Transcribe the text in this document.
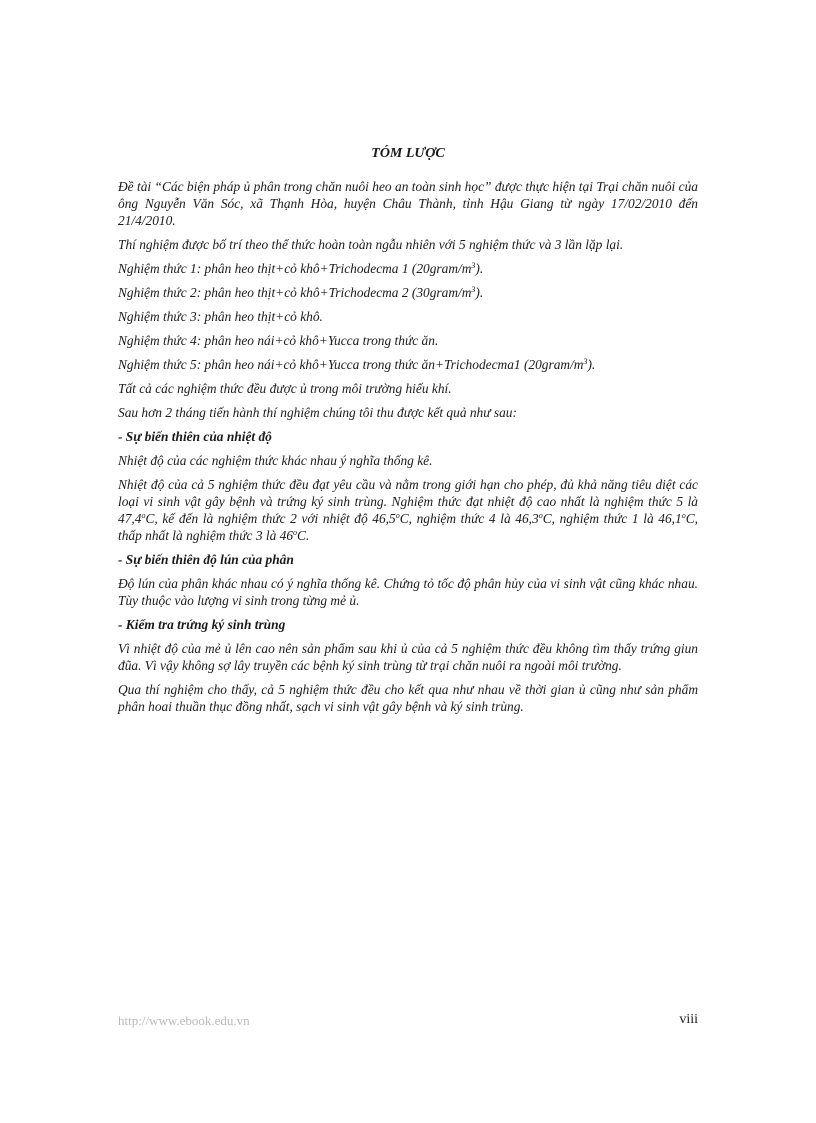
TÓM LƯỢC

Đề tài “Các biện pháp ủ phân trong chăn nuôi heo an toàn sinh học” được thực hiện tại Trại chăn nuôi của ông Nguyễn Văn Sóc, xã Thạnh Hòa, huyện Châu Thành, tỉnh Hậu Giang từ ngày 17/02/2010 đến 21/4/2010.

Thí nghiệm được bố trí theo thể thức hoàn toàn ngẫu nhiên với 5 nghiệm thức và 3 lần lặp lại.

Nghiệm thức 1: phân heo thịt+cỏ khô+Trichodecma 1 $(20gram/m^3)$.

Nghiệm thức 2: phân heo thịt+cỏ khô+Trichodecma 2 $(30gram/m^3)$.

Nghiệm thức 3: phân heo thịt+cỏ khô.

Nghiệm thức 4: phân heo nái+cỏ khô+Yucca trong thức ăn.

Nghiệm thức 5: phân heo nái+cỏ khô+Yucca trong thức ăn+Trichodecma1 $(20gram/m^3)$.

Tất cả các nghiệm thức đều được ủ trong môi trường hiếu khí.

Sau hơn 2 tháng tiến hành thí nghiệm chúng tôi thu được kết quả như sau:

- Sự biến thiên của nhiệt độ

Nhiệt độ của các nghiệm thức khác nhau ý nghĩa thống kê.

Nhiệt độ của cả 5 nghiệm thức đều đạt yêu cầu và nằm trong giới hạn cho phép, đủ khả năng tiêu diệt các loại vi sinh vật gây bệnh và trứng ký sinh trùng. Nghiệm thức đạt nhiệt độ cao nhất là nghiệm thức 5 là 47,4$^o$C, kế đến là nghiệm thức 2 với nhiệt độ 46,5$^o$C, nghiệm thức 4 là 46,3$^o$C, nghiệm thức 1 là 46,1$^o$C, thấp nhất là nghiệm thức 3 là 46$^o$C.

- Sự biến thiên độ lún của phân

Độ lún của phân khác nhau có ý nghĩa thống kê. Chứng tỏ tốc độ phân hủy của vi sinh vật cũng khác nhau. Tùy thuộc vào lượng vi sinh trong từng mẻ ủ.

- Kiểm tra trứng ký sinh trùng

Vì nhiệt độ của mẻ ủ lên cao nên sản phẩm sau khi ủ của cả 5 nghiệm thức đều không tìm thấy trứng giun đũa. Vì vậy không sợ lây truyền các bệnh ký sinh trùng từ trại chăn nuôi ra ngoài môi trường.

Qua thí nghiệm cho thấy, cả 5 nghiệm thức đều cho kết qua như nhau về thời gian ủ cũng như sản phẩm phân hoai thuần thục đồng nhất, sạch vi sinh vật gây bệnh và ký sinh trùng.

http://www.ebook.edu.vn	viii
